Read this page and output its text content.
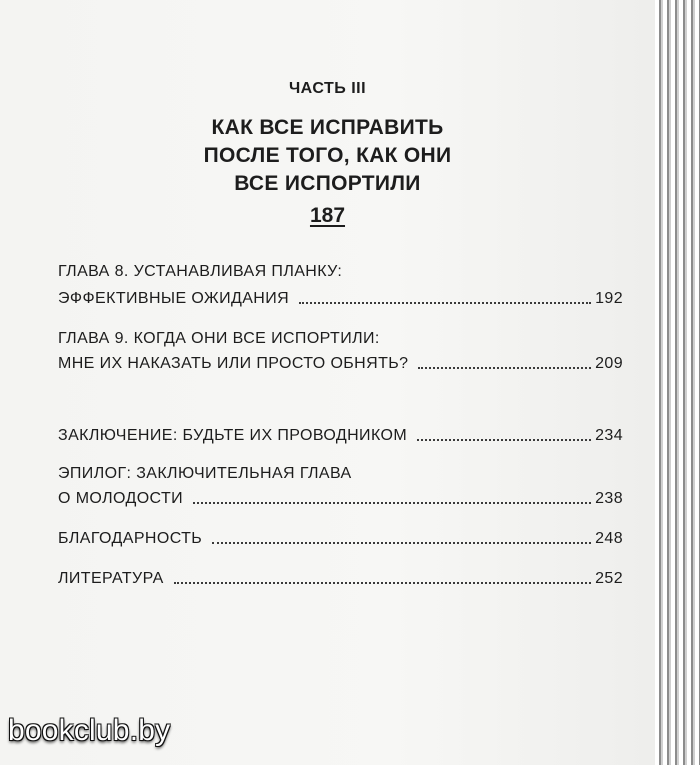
ЧАСТЬ III
КАК ВСЕ ИСПРАВИТЬ
ПОСЛЕ ТОГО, КАК ОНИ
ВСЕ ИСПОРТИЛИ
187
ГЛАВА 8. УСТАНАВЛИВАЯ ПЛАНКУ:
ЭФФЕКТИВНЫЕ ОЖИДАНИЯ	192
ГЛАВА 9. КОГДА ОНИ ВСЕ ИСПОРТИЛИ:
МНЕ ИХ НАКАЗАТЬ ИЛИ ПРОСТО ОБНЯТЬ?	209
ЗАКЛЮЧЕНИЕ: БУДЬТЕ ИХ ПРОВОДНИКОМ	234
ЭПИЛОГ: ЗАКЛЮЧИТЕЛЬНАЯ ГЛАВА
О МОЛОДОСТИ	238
БЛАГОДАРНОСТЬ	248
ЛИТЕРАТУРА	252
bookclub.by
